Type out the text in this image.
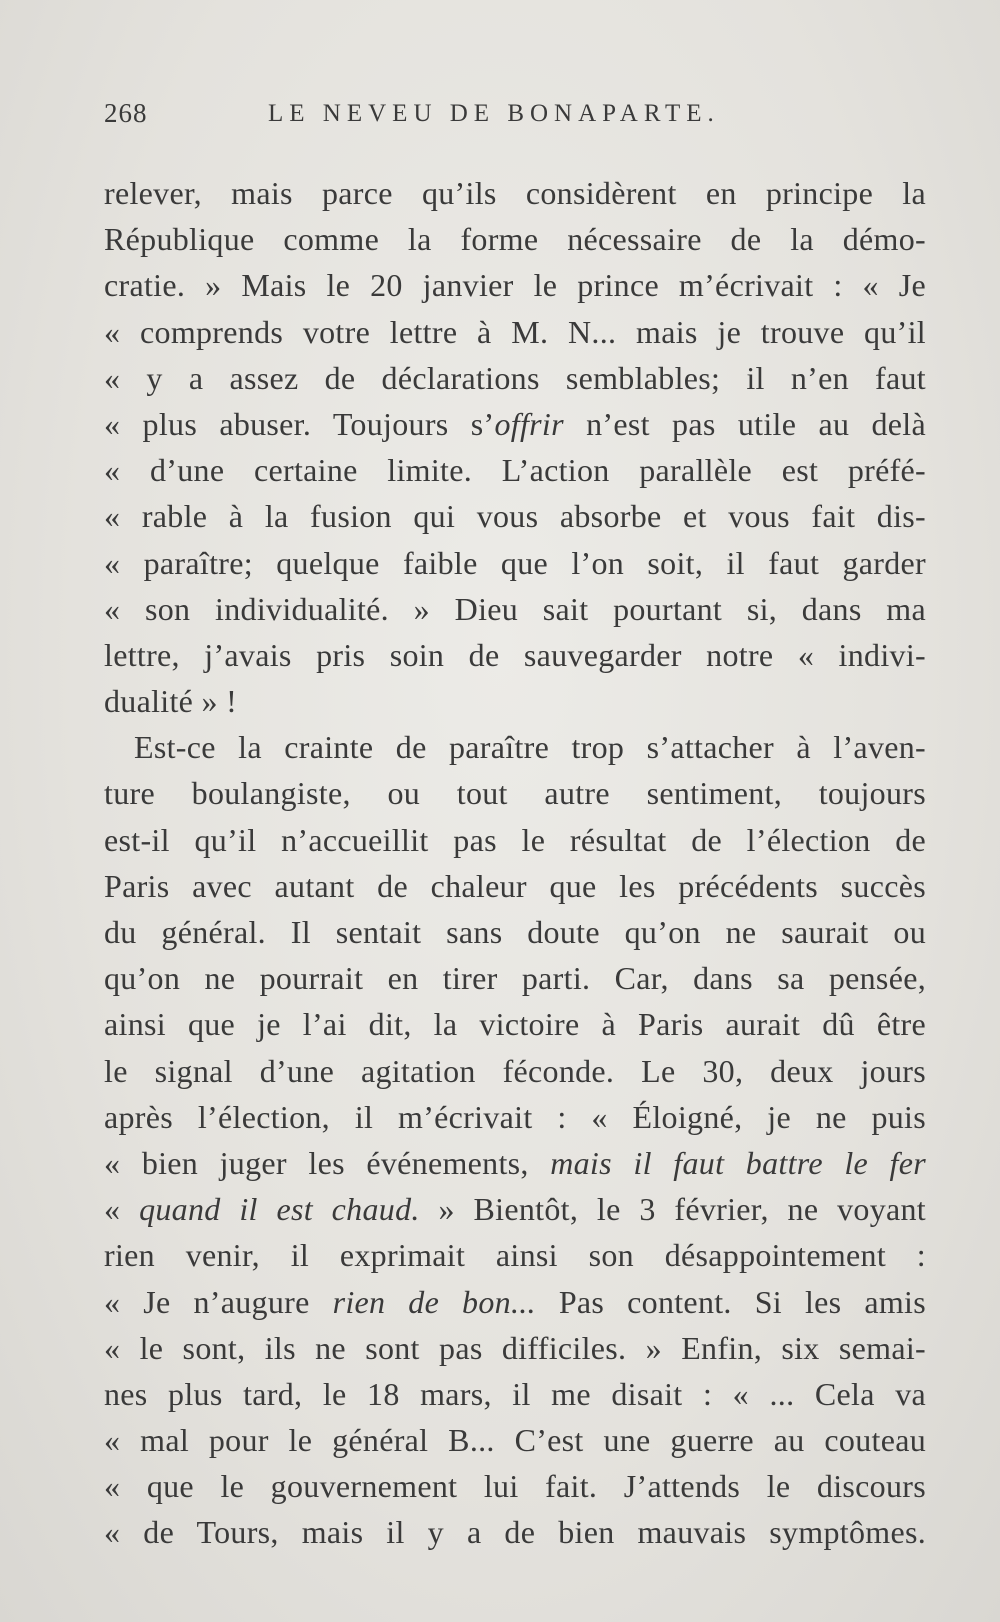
268	LE NEVEU DE BONAPARTE.
relever, mais parce qu’ils considèrent en principe la
République comme la forme nécessaire de la démo-
cratie. » Mais le 20 janvier le prince m’écrivait : « Je
« comprends votre lettre à M. N... mais je trouve qu’il
« y a assez de déclarations semblables; il n’en faut
« plus abuser. Toujours s’offrir n’est pas utile au delà
« d’une certaine limite. L’action parallèle est préfé-
« rable à la fusion qui vous absorbe et vous fait dis-
« paraître; quelque faible que l’on soit, il faut garder
« son individualité. » Dieu sait pourtant si, dans ma
lettre, j’avais pris soin de sauvegarder notre « indivi-
dualité » !
Est-ce la crainte de paraître trop s’attacher à l’aven-
ture boulangiste, ou tout autre sentiment, toujours
est-il qu’il n’accueillit pas le résultat de l’élection de
Paris avec autant de chaleur que les précédents succès
du général. Il sentait sans doute qu’on ne saurait ou
qu’on ne pourrait en tirer parti. Car, dans sa pensée,
ainsi que je l’ai dit, la victoire à Paris aurait dû être
le signal d’une agitation féconde. Le 30, deux jours
après l’élection, il m’écrivait : « Éloigné, je ne puis
« bien juger les événements, mais il faut battre le fer
« quand il est chaud. » Bientôt, le 3 février, ne voyant
rien venir, il exprimait ainsi son désappointement :
« Je n’augure rien de bon... Pas content. Si les amis
« le sont, ils ne sont pas difficiles. » Enfin, six semai-
nes plus tard, le 18 mars, il me disait : « ... Cela va
« mal pour le général B... C’est une guerre au couteau
« que le gouvernement lui fait. J’attends le discours
« de Tours, mais il y a de bien mauvais symptômes.
